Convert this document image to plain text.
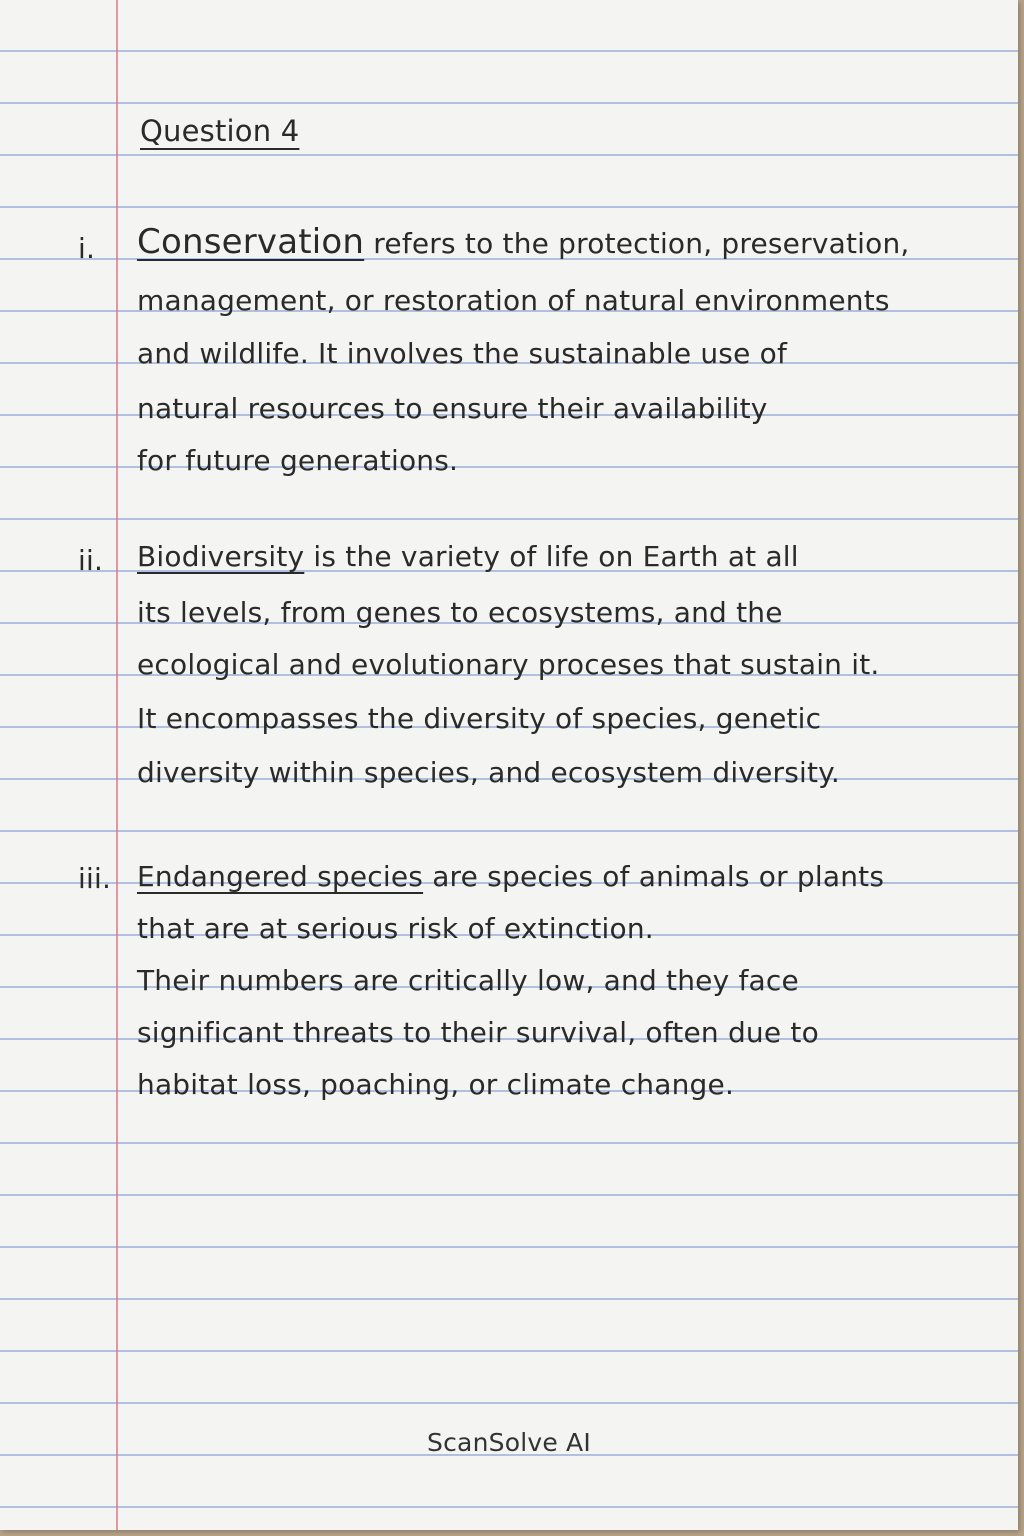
Question 4
i. Conservation refers to the protection, preservation,
management, or restoration of natural environments
and wildlife. It involves the sustainable use of
natural resources to ensure their availability
for future generations.
ii. Biodiversity is the variety of life on Earth at all
its levels, from genes to ecosystems, and the
ecological and evolutionary proceses that sustain it.
It encompasses the diversity of species, genetic
diversity within species, and ecosystem diversity.
iii. Endangered species are species of animals or plants
that are at serious risk of extinction.
Their numbers are critically low, and they face
significant threats to their survival, often due to
habitat loss, poaching, or climate change.
ScanSolve AI
